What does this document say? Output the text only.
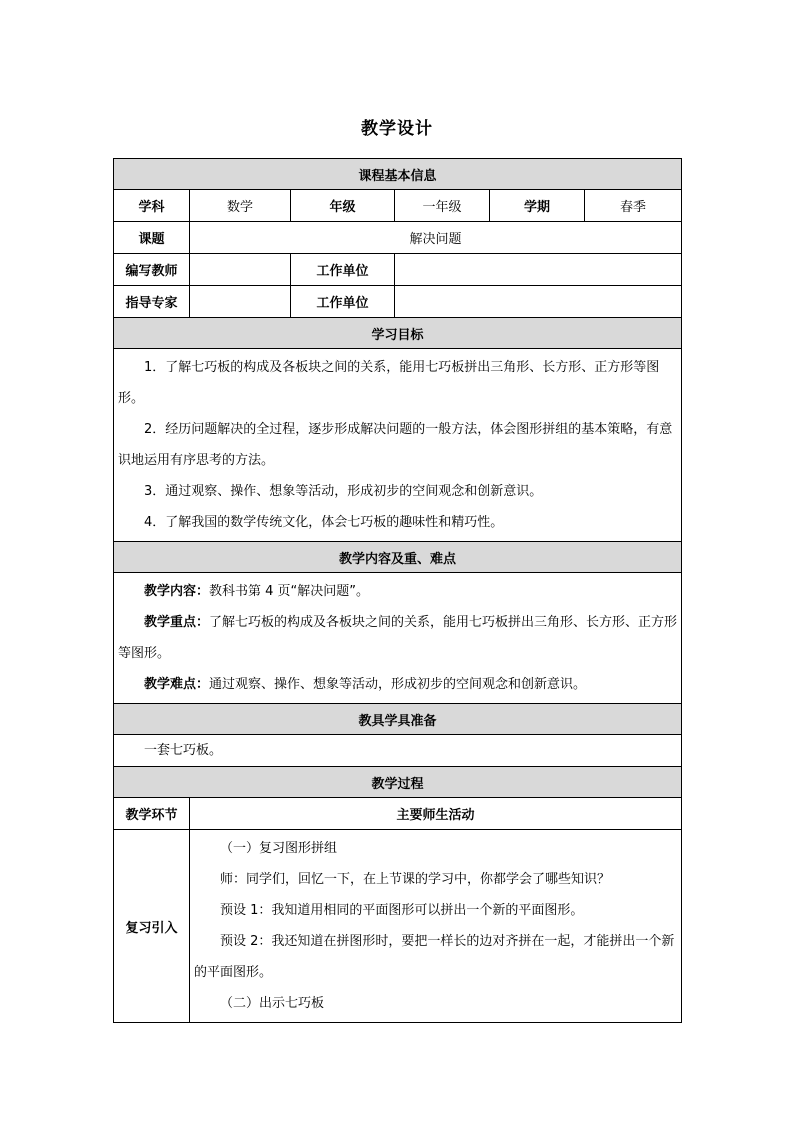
教学设计
课程基本信息					
学科	数学	年级	一年级	学期	春季
课题	解决问题				
编写教师		工作单位			
指导专家		工作单位			
学习目标					

1．了解七巧板的构成及各板块之间的关系，能用七巧板拼出三角形、长方形、正方形等图形。

2．经历问题解决的全过程，逐步形成解决问题的一般方法，体会图形拼组的基本策略，有意识地运用有序思考的方法。

3．通过观察、操作、想象等活动，形成初步的空间观念和创新意识。

4．了解我国的数学传统文化，体会七巧板的趣味性和精巧性。					

教学内容及重、难点					

教学内容：教科书第 4 页“解决问题”。

教学重点：了解七巧板的构成及各板块之间的关系，能用七巧板拼出三角形、长方形、正方形等图形。

教学难点：通过观察、操作、想象等活动，形成初步的空间观念和创新意识。					

教具学具准备					

一套七巧板。					

教学过程					
教学环节	主要师生活动				
复习引入	（一）复习图形拼组

师：同学们，回忆一下，在上节课的学习中，你都学会了哪些知识？

预设 1：我知道用相同的平面图形可以拼出一个新的平面图形。

预设 2：我还知道在拼图形时，要把一样长的边对齐拼在一起，才能拼出一个新的平面图形。

（二）出示七巧板				
